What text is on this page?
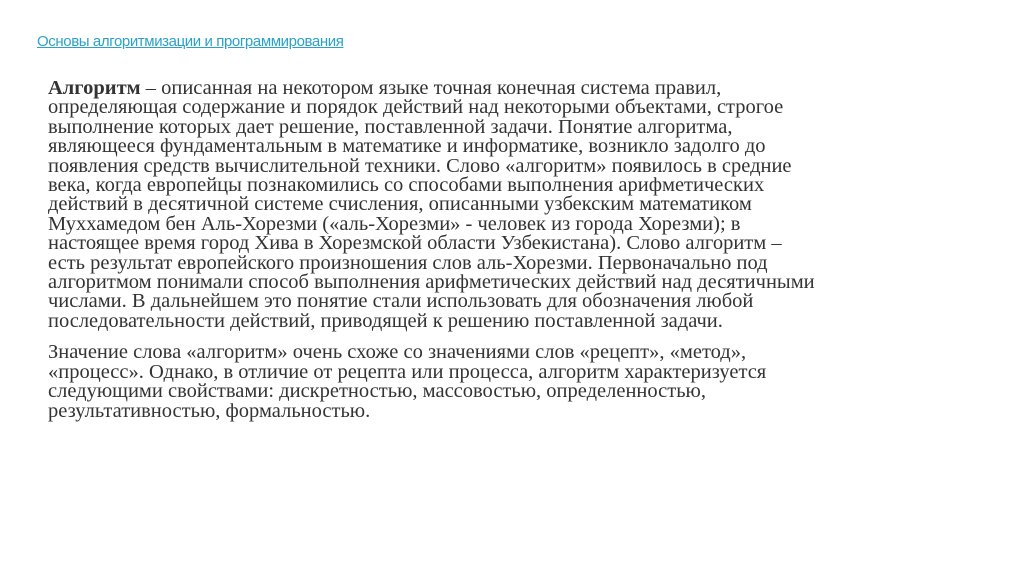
Основы алгоритмизации и программирования

Алгоритм – описанная на некотором языке точная конечная система правил,
определяющая содержание и порядок действий над некоторыми объектами, строгое
выполнение которых дает решение, поставленной задачи. Понятие алгоритма,
являющееся фундаментальным в математике и информатике, возникло задолго до
появления средств вычислительной техники. Слово «алгоритм» появилось в средние
века, когда европейцы познакомились со способами выполнения арифметических
действий в десятичной системе счисления, описанными узбекским математиком
Муххамедом бен Аль-Хорезми («аль-Хорезми» - человек из города Хорезми); в
настоящее время город Хива в Хорезмской области Узбекистана). Слово алгоритм –
есть результат европейского произношения слов аль-Хорезми. Первоначально под
алгоритмом понимали способ выполнения арифметических действий над десятичными
числами. В дальнейшем это понятие стали использовать для обозначения любой
последовательности действий, приводящей к решению поставленной задачи.

Значение слова «алгоритм» очень схоже со значениями слов «рецепт», «метод»,
«процесс». Однако, в отличие от рецепта или процесса, алгоритм характеризуется
следующими свойствами: дискретностью, массовостью, определенностью,
результативностью, формальностью.
